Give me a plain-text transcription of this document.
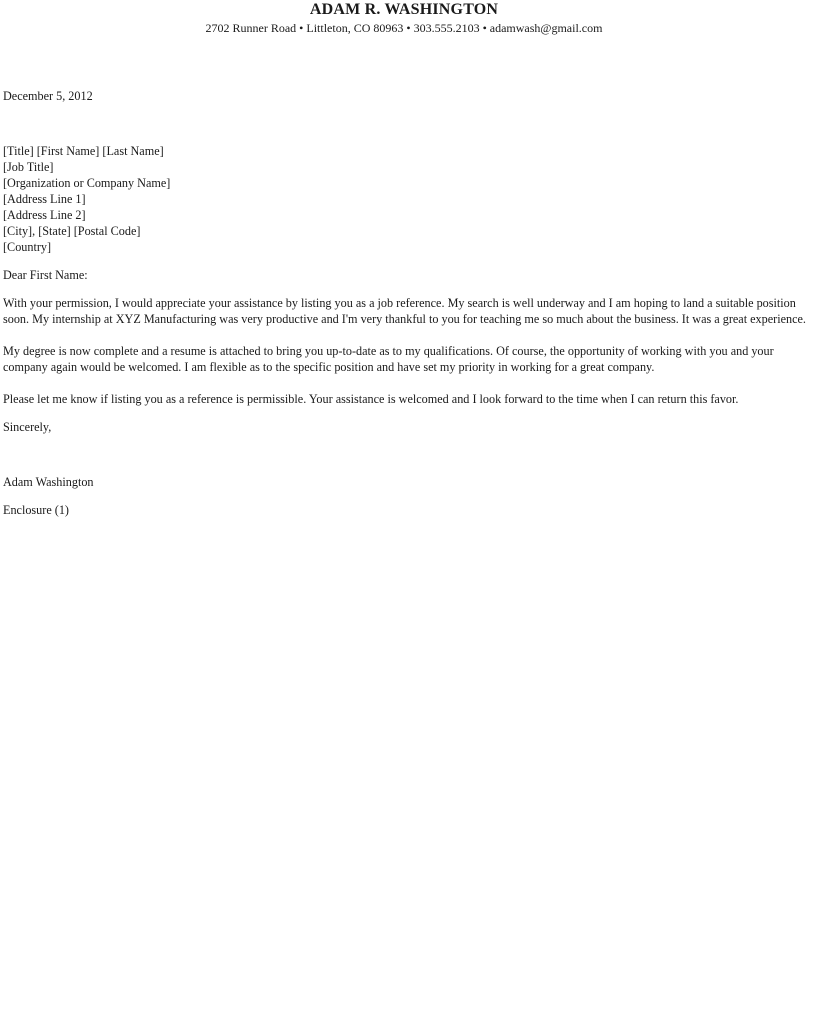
ADAM R. WASHINGTON
2702 Runner Road • Littleton, CO 80963 • 303.555.2103 • adamwash@gmail.com
December 5, 2012
[Title] [First Name] [Last Name]
[Job Title]
[Organization or Company Name]
[Address Line 1]
[Address Line 2]
[City], [State] [Postal Code]
[Country]
Dear First Name:
With your permission, I would appreciate your assistance by listing you as a job reference. My search is well underway and I am hoping to land a suitable position soon. My internship at XYZ Manufacturing was very productive and I'm very thankful to you for teaching me so much about the business. It was a great experience.
My degree is now complete and a resume is attached to bring you up-to-date as to my qualifications. Of course, the opportunity of working with you and your company again would be welcomed. I am flexible as to the specific position and have set my priority in working for a great company.
Please let me know if listing you as a reference is permissible. Your assistance is welcomed and I look forward to the time when I can return this favor.
Sincerely,
Adam Washington
Enclosure (1)
